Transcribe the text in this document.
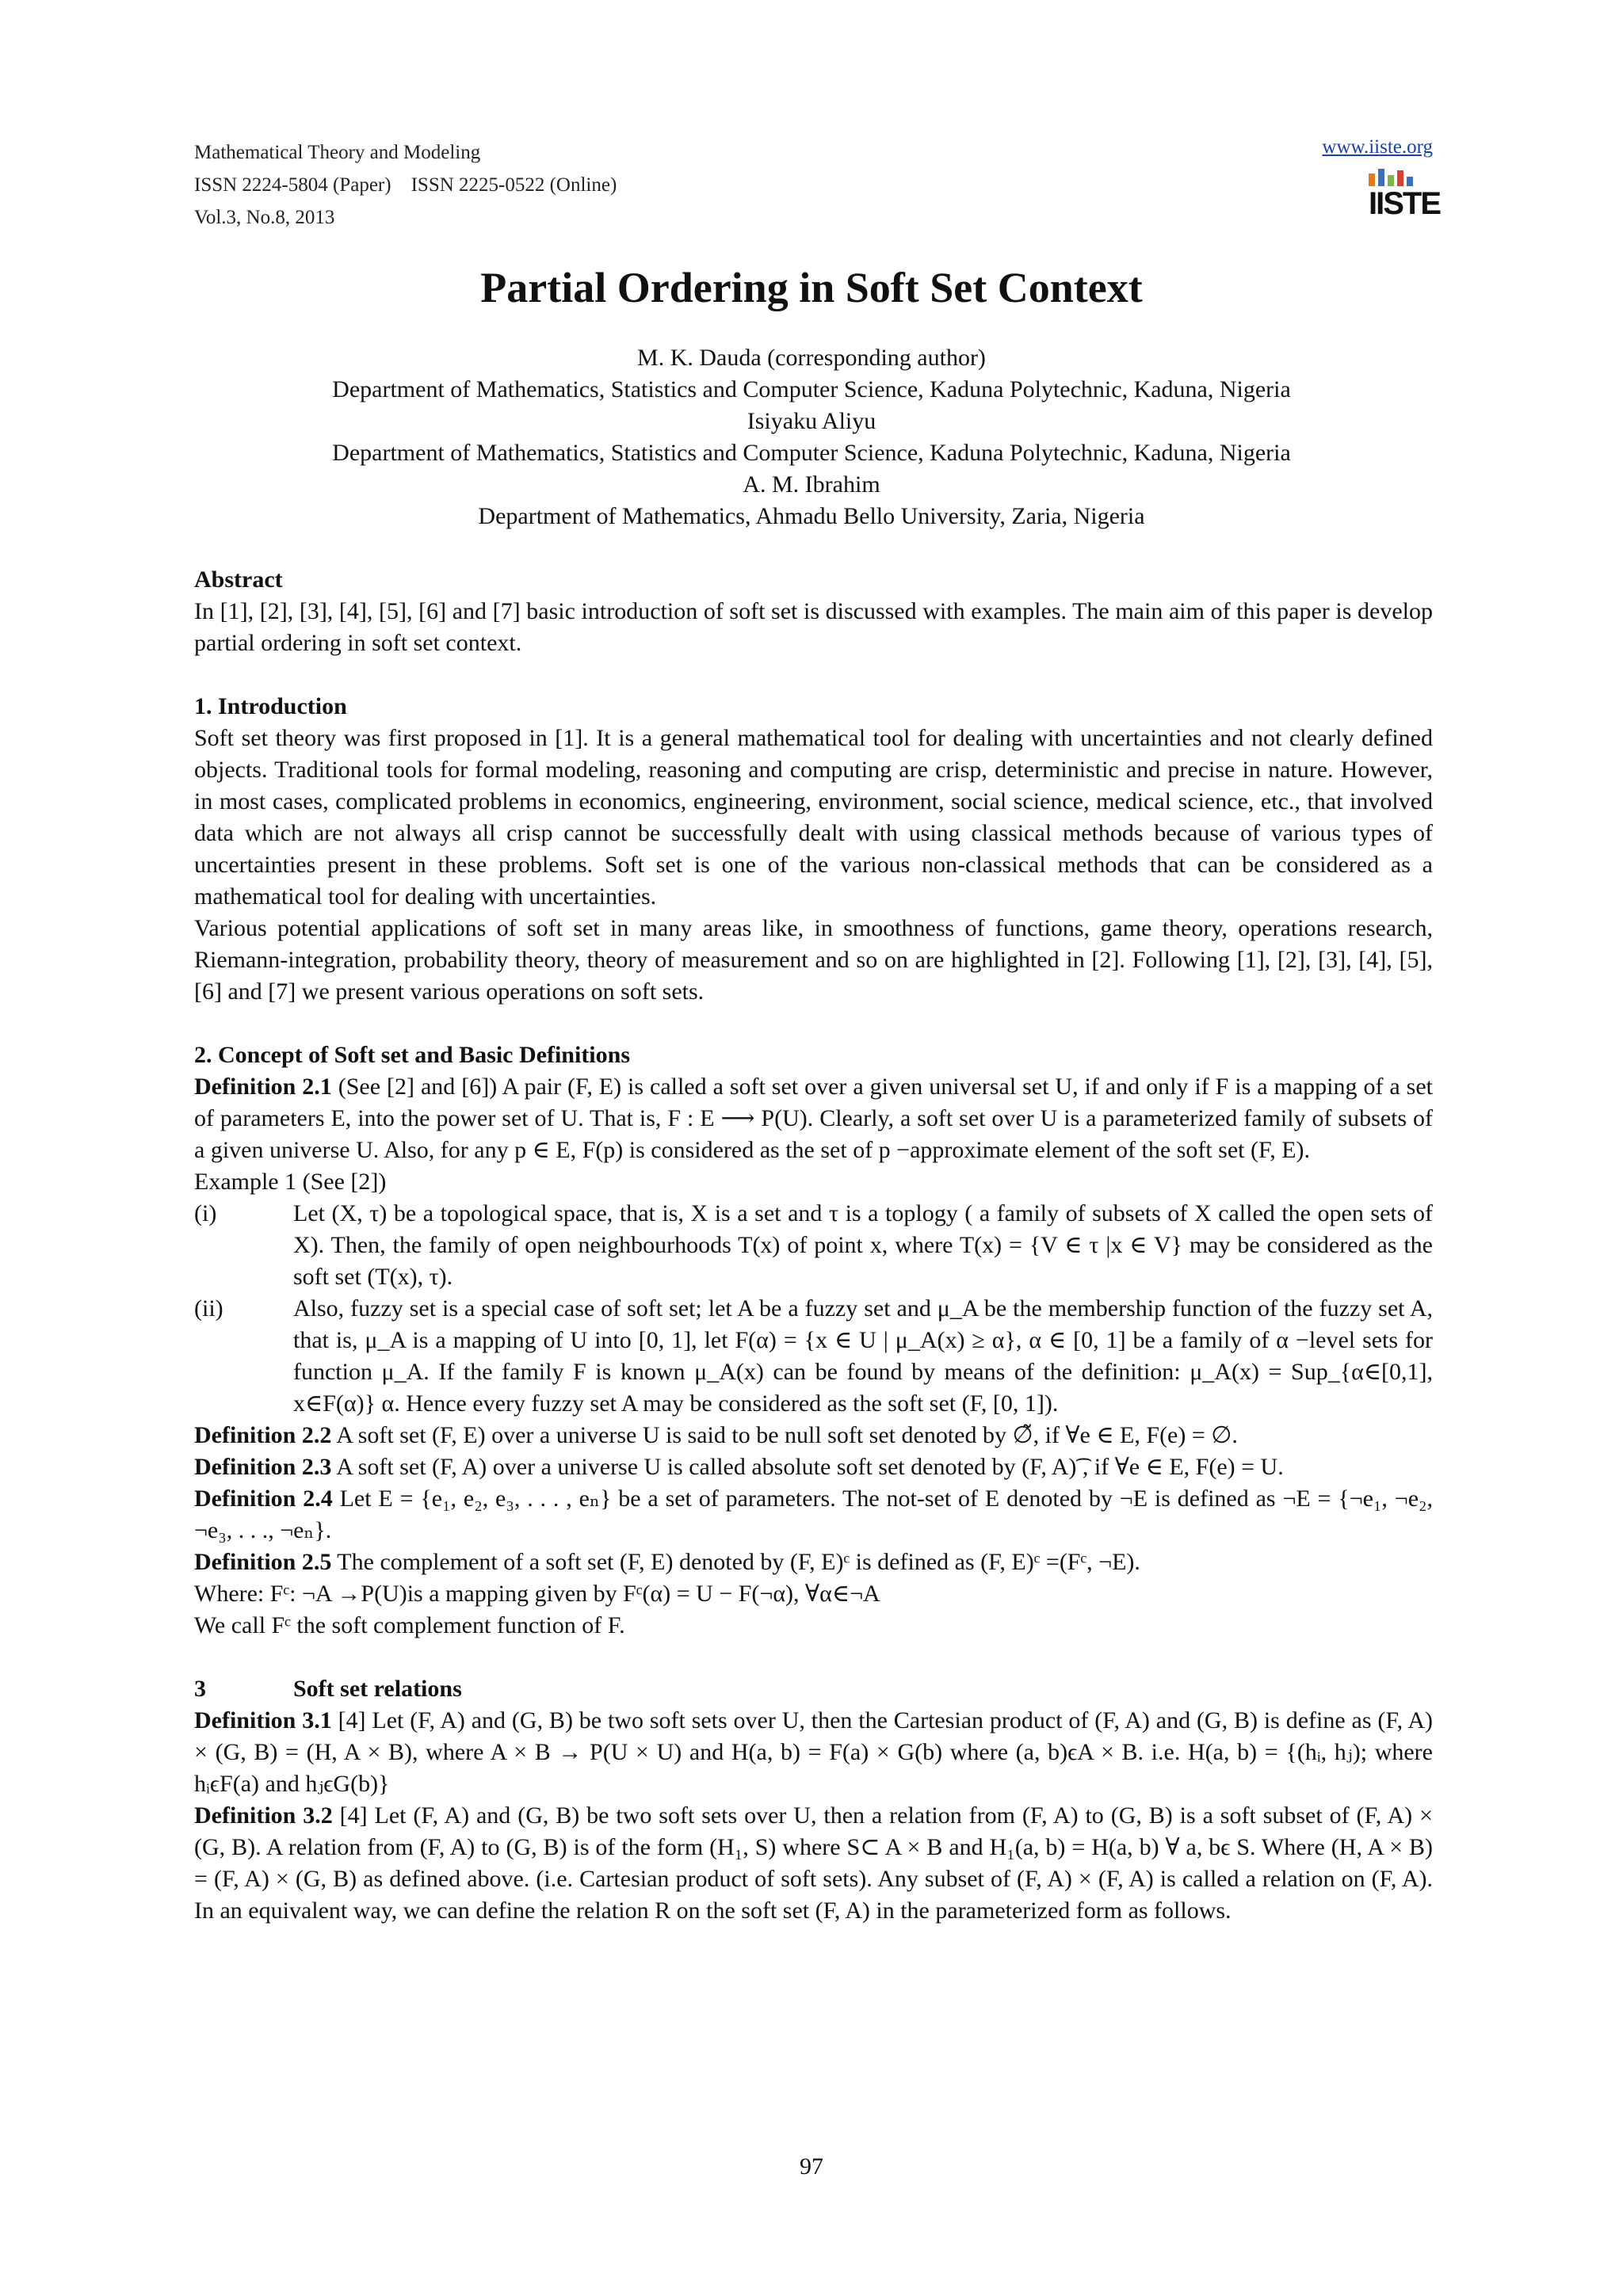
Mathematical Theory and Modeling
ISSN 2224-5804 (Paper)    ISSN 2225-0522 (Online)
Vol.3, No.8, 2013
www.iiste.org
IISTE
Partial Ordering in Soft Set Context
M. K. Dauda (corresponding author)
Department of Mathematics, Statistics and Computer Science, Kaduna Polytechnic, Kaduna, Nigeria
Isiyaku Aliyu
Department of Mathematics, Statistics and Computer Science, Kaduna Polytechnic, Kaduna, Nigeria
A. M. Ibrahim
Department of Mathematics, Ahmadu Bello University, Zaria, Nigeria
Abstract

In [1], [2], [3], [4], [5], [6] and [7] basic introduction of soft set is discussed with examples. The main aim of this paper is develop partial ordering in soft set context.

1. Introduction

Soft set theory was first proposed in [1]. It is a general mathematical tool for dealing with uncertainties and not clearly defined objects. Traditional tools for formal modeling, reasoning and computing are crisp, deterministic and precise in nature. However, in most cases, complicated problems in economics, engineering, environment, social science, medical science, etc., that involved data which are not always all crisp cannot be successfully dealt with using classical methods because of various types of uncertainties present in these problems. Soft set is one of the various non-classical methods that can be considered as a mathematical tool for dealing with uncertainties.

Various potential applications of soft set in many areas like, in smoothness of functions, game theory, operations research, Riemann-integration, probability theory, theory of measurement and so on are highlighted in [2]. Following [1], [2], [3], [4], [5], [6] and [7] we present various operations on soft sets.

2. Concept of Soft set and Basic Definitions

Definition 2.1 (See [2] and [6]) A pair (F, E) is called a soft set over a given universal set U, if and only if F is a mapping of a set of parameters E, into the power set of U. That is, F : E ⟶ P(U). Clearly, a soft set over U is a parameterized family of subsets of a given universe U. Also, for any p ∈ E, F(p) is considered as the set of p −approximate element of the soft set (F, E).

Example 1 (See [2])

(i)	Let (X, τ) be a topological space, that is, X is a set and τ is a toplogy ( a family of subsets of X called the open sets of X). Then, the family of open neighbourhoods T(x) of point x, where T(x) = {V ∈ τ |x ∈ V} may be considered as the soft set (T(x), τ).
(ii)	Also, fuzzy set is a special case of soft set; let A be a fuzzy set and μ_A be the membership function of the fuzzy set A, that is, μ_A is a mapping of U into [0, 1], let F(α) = {x ∈ U | μ_A(x) ≥ α}, α ∈ [0, 1] be a family of α −level sets for function μ_A. If the family F is known μ_A(x) can be found by means of the definition: μ_A(x) = Sup_{α∈[0,1], x∈F(α)} α. Hence every fuzzy set A may be considered as the soft set (F, [0, 1]).

Definition 2.2 A soft set (F, E) over a universe U is said to be null soft set denoted by ∅̃, if ∀e ∈ E, F(e) = ∅.

Definition 2.3 A soft set (F, A) over a universe U is called absolute soft set denoted by (F, A)͡ , if ∀e ∈ E, F(e) = U.

Definition 2.4 Let E = {e₁, e₂, e₃, . . . , eₙ} be a set of parameters. The not-set of E denoted by ¬E is defined as ¬E = {¬e₁, ¬e₂, ¬e₃, . . ., ¬eₙ}.

Definition 2.5 The complement of a soft set (F, E) denoted by (F, E)ᶜ is defined as (F, E)ᶜ =(Fᶜ, ¬E).

Where: Fᶜ: ¬A →P(U)is a mapping given by Fᶜ(α) = U − F(¬α), ∀α∈¬A

We call Fᶜ the soft complement function of F.

3	Soft set relations

Definition 3.1 [4] Let (F, A) and (G, B) be two soft sets over U, then the Cartesian product of (F, A) and (G, B) is define as (F, A) × (G, B) = (H, A × B), where A × B → P(U × U) and H(a, b) = F(a) × G(b) where (a, b)ϵA × B. i.e. H(a, b) = {(hᵢ, hⱼ); where hᵢϵF(a) and hⱼϵG(b)}

Definition 3.2 [4] Let (F, A) and (G, B) be two soft sets over U, then a relation from (F, A) to (G, B) is a soft subset of (F, A) × (G, B). A relation from (F, A) to (G, B) is of the form (H₁, S) where S⊂ A × B and H₁(a, b) = H(a, b) ∀ a, bϵ S. Where (H, A × B) = (F, A) × (G, B) as defined above. (i.e. Cartesian product of soft sets). Any subset of (F, A) × (F, A) is called a relation on (F, A). In an equivalent way, we can define the relation R on the soft set (F, A) in the parameterized form as follows.

97
